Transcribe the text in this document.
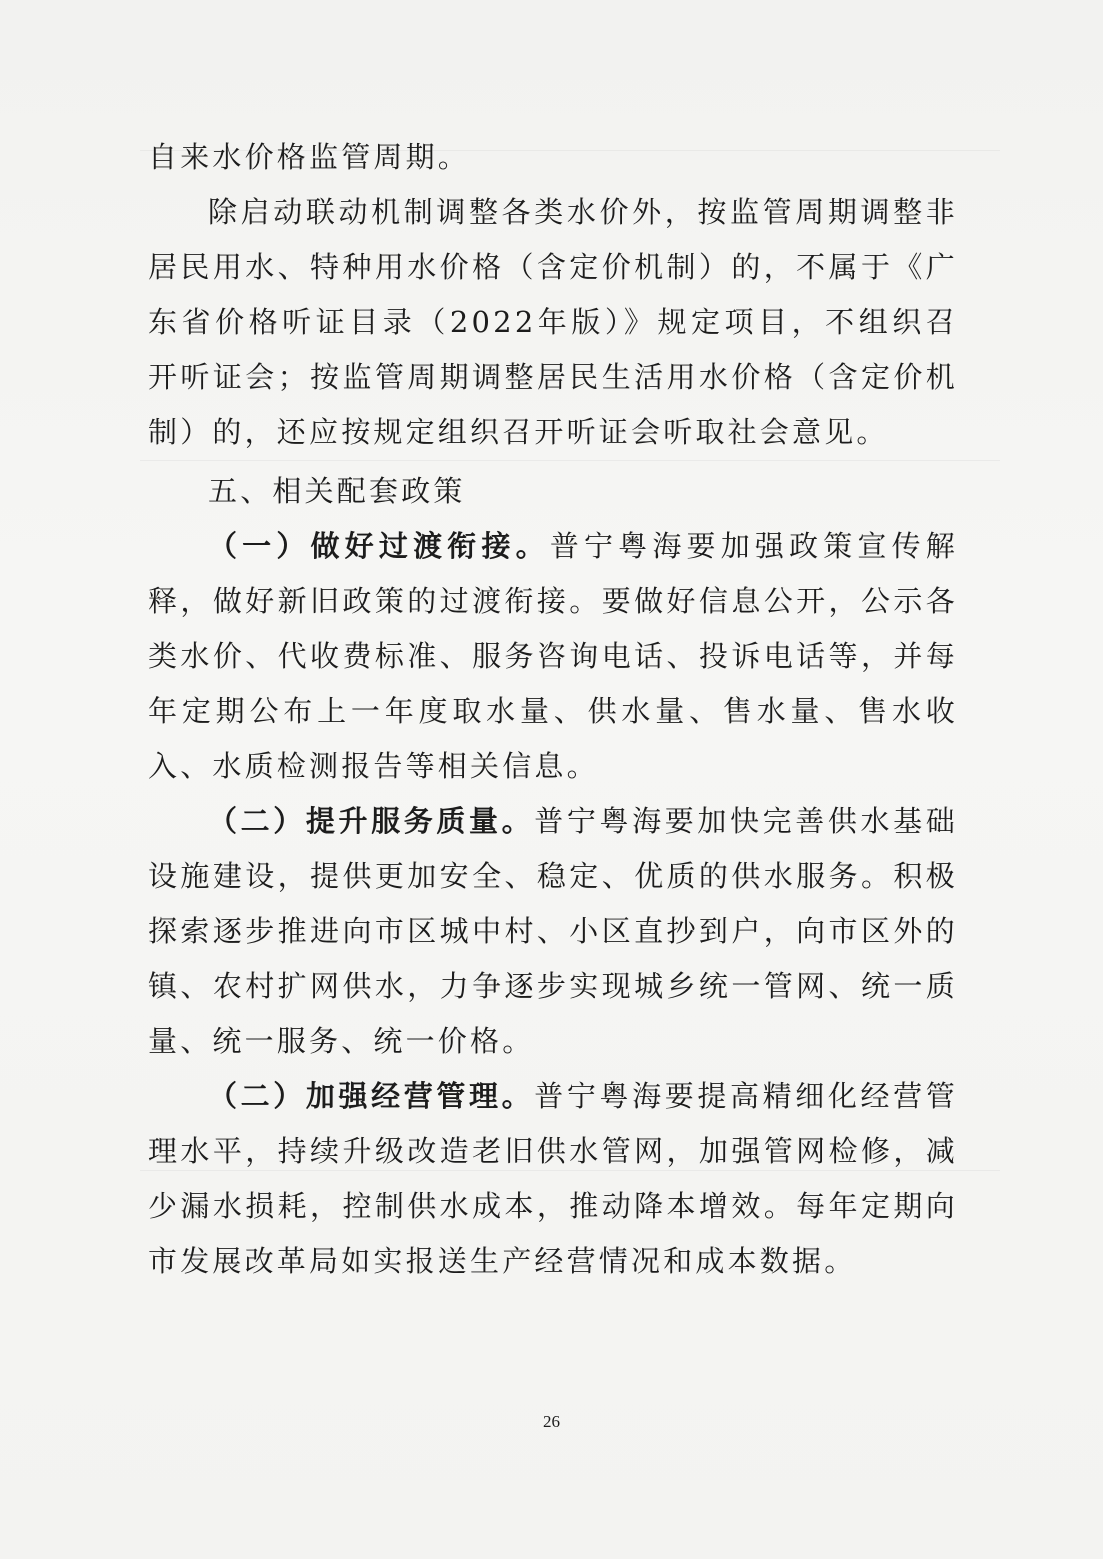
自来水价格监管周期。

除启动联动机制调整各类水价外，按监管周期调整非居民用水、特种用水价格（含定价机制）的，不属于《广东省价格听证目录（2022年版）》规定项目，不组织召开听证会；按监管周期调整居民生活用水价格（含定价机制）的，还应按规定组织召开听证会听取社会意见。

五、相关配套政策

（一）做好过渡衔接。普宁粤海要加强政策宣传解释，做好新旧政策的过渡衔接。要做好信息公开，公示各类水价、代收费标准、服务咨询电话、投诉电话等，并每年定期公布上一年度取水量、供水量、售水量、售水收入、水质检测报告等相关信息。

（二）提升服务质量。普宁粤海要加快完善供水基础设施建设，提供更加安全、稳定、优质的供水服务。积极探索逐步推进向市区城中村、小区直抄到户，向市区外的镇、农村扩网供水，力争逐步实现城乡统一管网、统一质量、统一服务、统一价格。

（二）加强经营管理。普宁粤海要提高精细化经营管理水平，持续升级改造老旧供水管网，加强管网检修，减少漏水损耗，控制供水成本，推动降本增效。每年定期向市发展改革局如实报送生产经营情况和成本数据。

26
